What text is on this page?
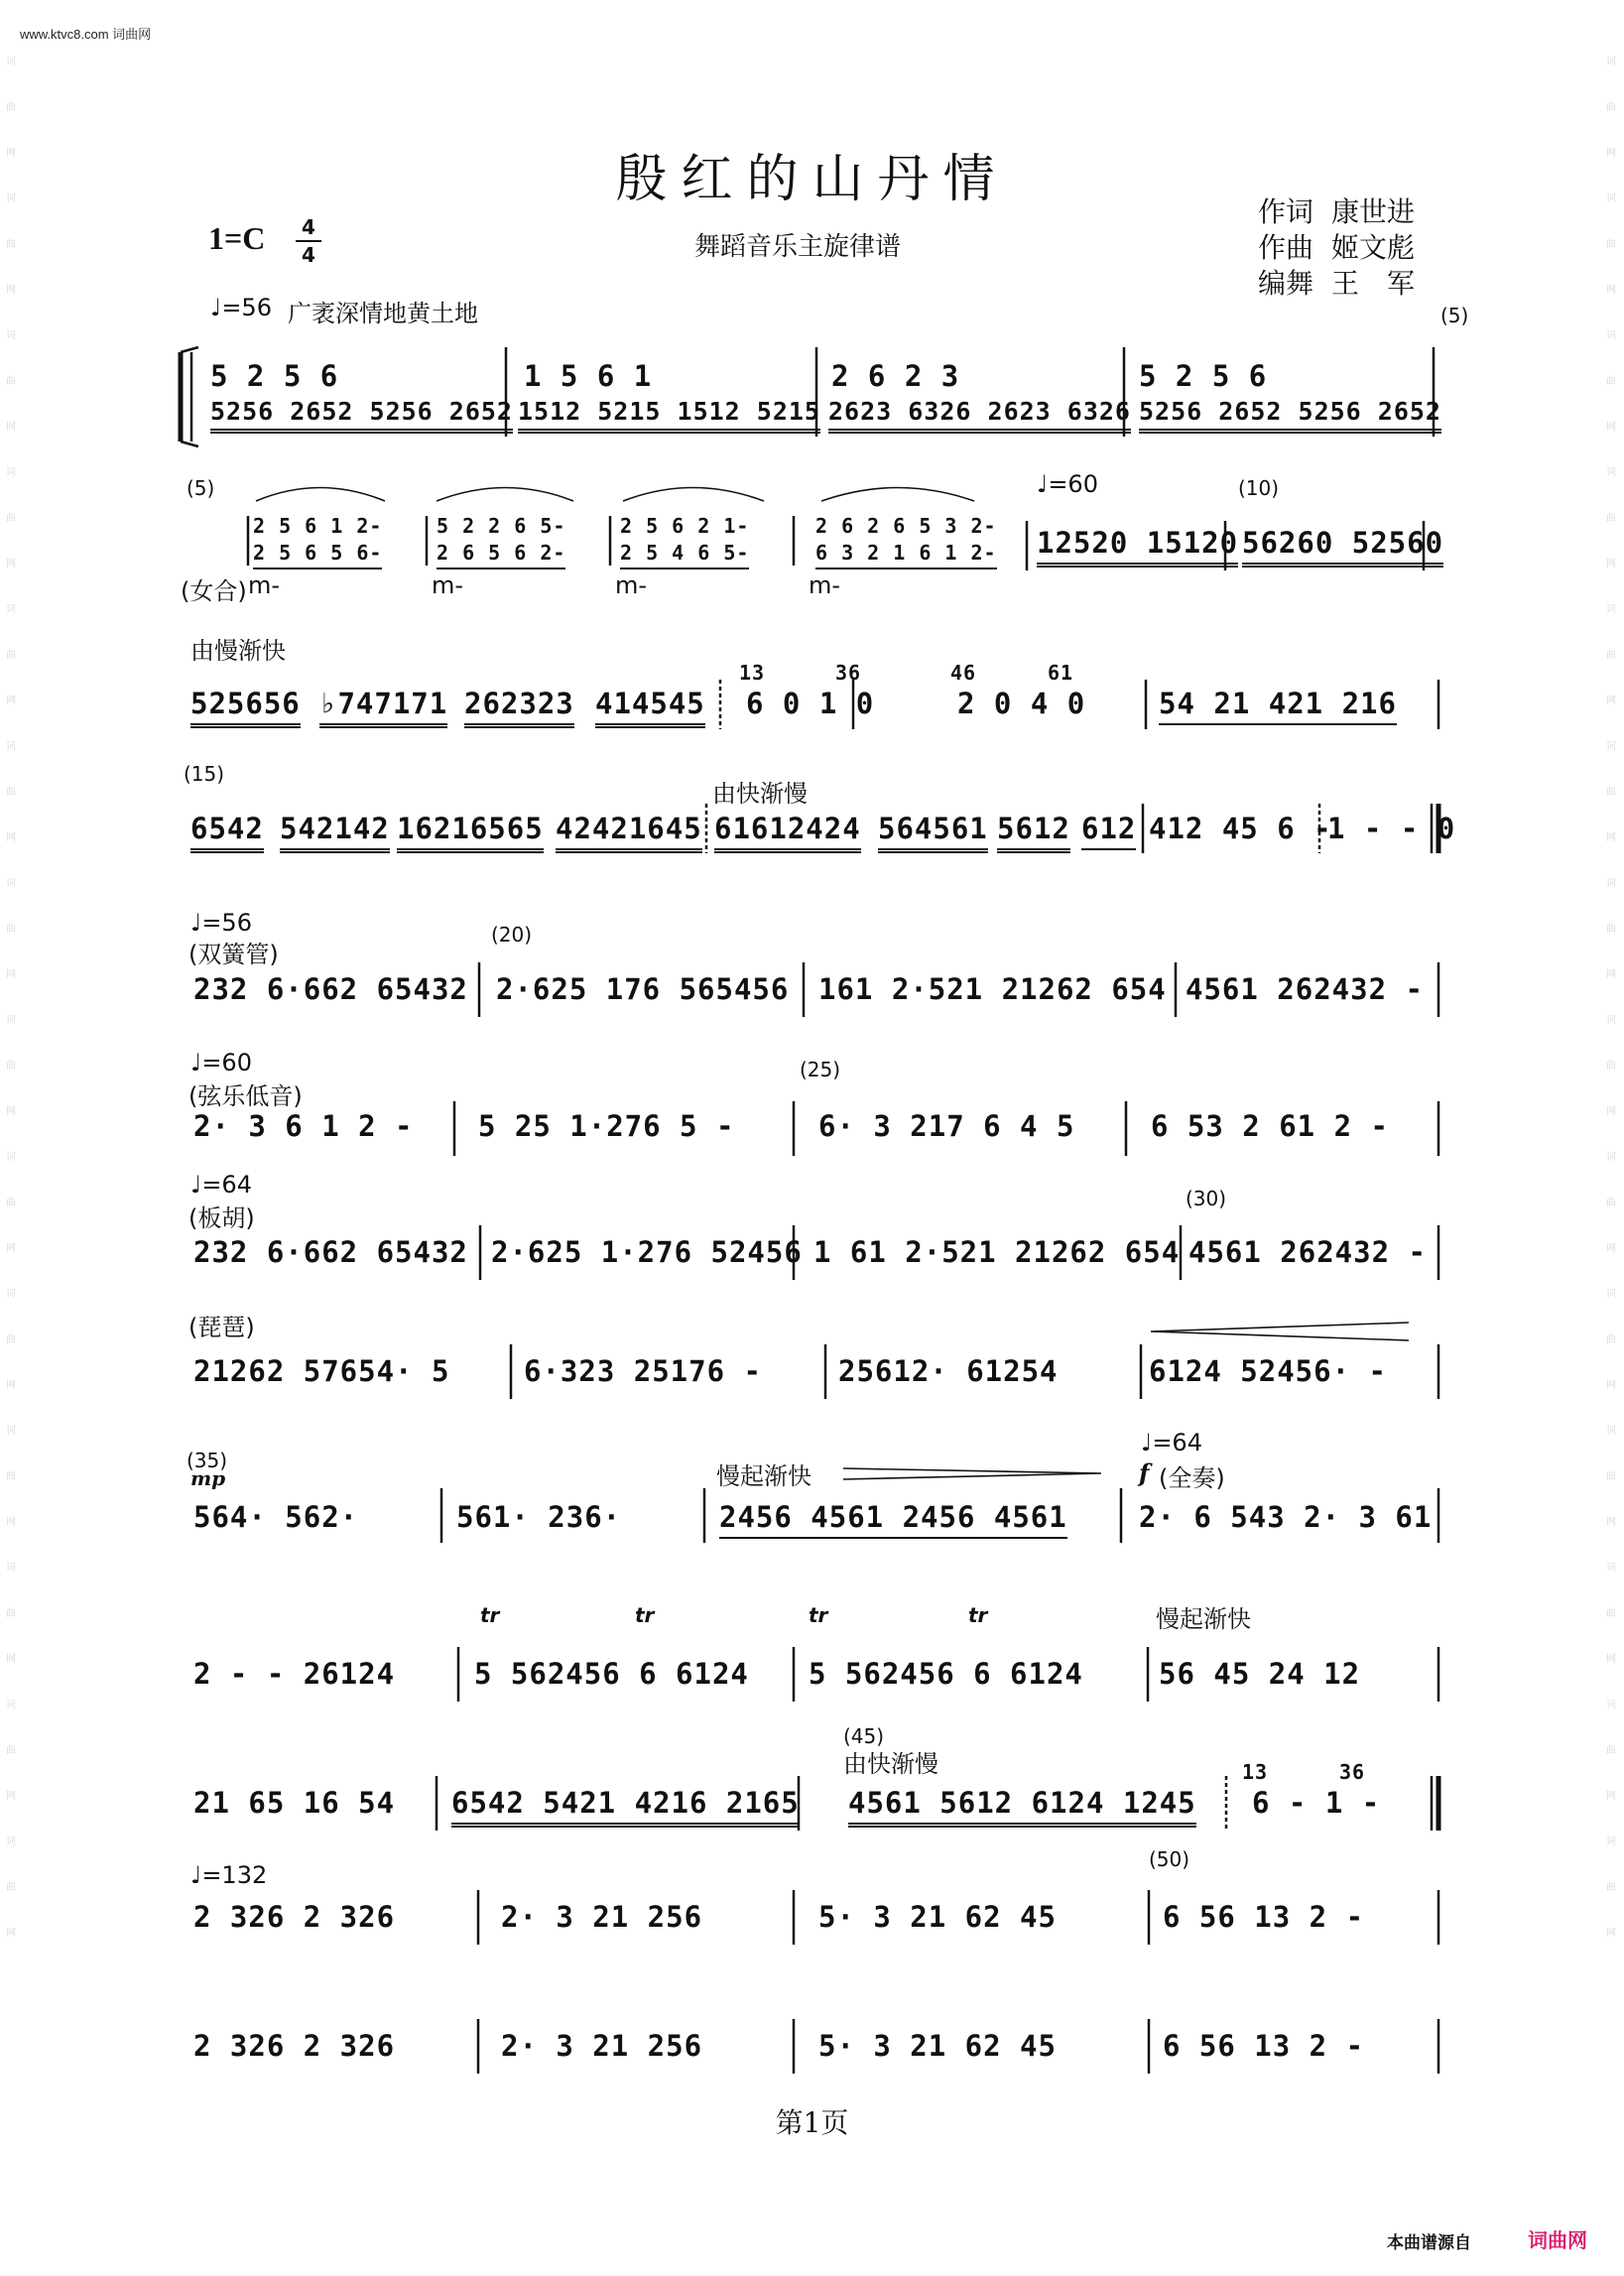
www.ktvc8.com 词曲网
词曲网词曲网词曲网词曲网词曲网词曲网词曲网词曲网词曲网词曲网词曲网词曲网词曲网词曲网
词曲网词曲网词曲网词曲网词曲网词曲网词曲网词曲网词曲网词曲网词曲网词曲网词曲网词曲网
殷红的山丹情
1=C	4
4	舞蹈音乐主旋律谱
作词 康世进
作曲 姬文彪
编舞 王　军
♩=56 广袤深情地黄土地	(5)
(5)
(女合) m-	m-	m-	m-
♩=60	(10)
由慢渐快
(15)
由快渐慢
♩=56
(双簧管)
(20)
♩=60
(弦乐低音)
(25)
♩=64
(板胡)
(30)
(琵琶)
(35)
mp	慢起渐快
♩=64
f (全奏)
tr	tr	tr	tr	慢起渐快
(45)
由快渐慢
♩=132
(50)
5 2 5 6	1 5 6 1	2 6 2 3	5 2 5 6
5256 2652 5256 2652 1512 5215 1512 5215 2623 6326 2623 6326 5256 2652 5256 2652
2 5 6 1 2-	5 2 2 6 5-	2 5 6 2 1-	2 6 2 6 5 3 2-
2 5 6 5 6-	2 6 5 6 2-	2 5 4 6 5-	6 3 2 1 6 1 2- 12520 15120 56260 52560
525656 ♭747171 262323 414545
13	36
6 0 1 0
46	61
2 0 4 0	54 21 421 216
6542 542142 16216565 42421645 61612424 564561 5612 612 412 45 6 -
1 - - 0
232 6·662 65432 2·625 176 565456 161 2·521 21262 654 4561 262432 -
2· 3 6 1 2 - 5 25 1·276 5 -	6· 3 217 6 4 5	6 53 2 61 2 -
232 6·662 65432 2·625 1·276 52456 1 61 2·521 21262 654 4561 262432 -
21262 57654· 5	6·323 25176 -	25612· 61254	6124 52456· -
564· 562·	561· 236·	2456 4561 2456 4561 2· 6 543 2· 3 61
2 - - 26124	5 562456 6 6124 5 562456 6 6124	56 45 24 12
21 65 16 54 6542 5421 4216 2165 4561 5612 6124 1245
13	36
6 - 1 -
2 326 2 326	2· 3 21 256	5· 3 21 62 45	6 56 13 2 -
2 326 2 326	2· 3 21 256	5· 3 21 62 45	6 56 13 2 -
第1页
本曲谱源自	词曲网
